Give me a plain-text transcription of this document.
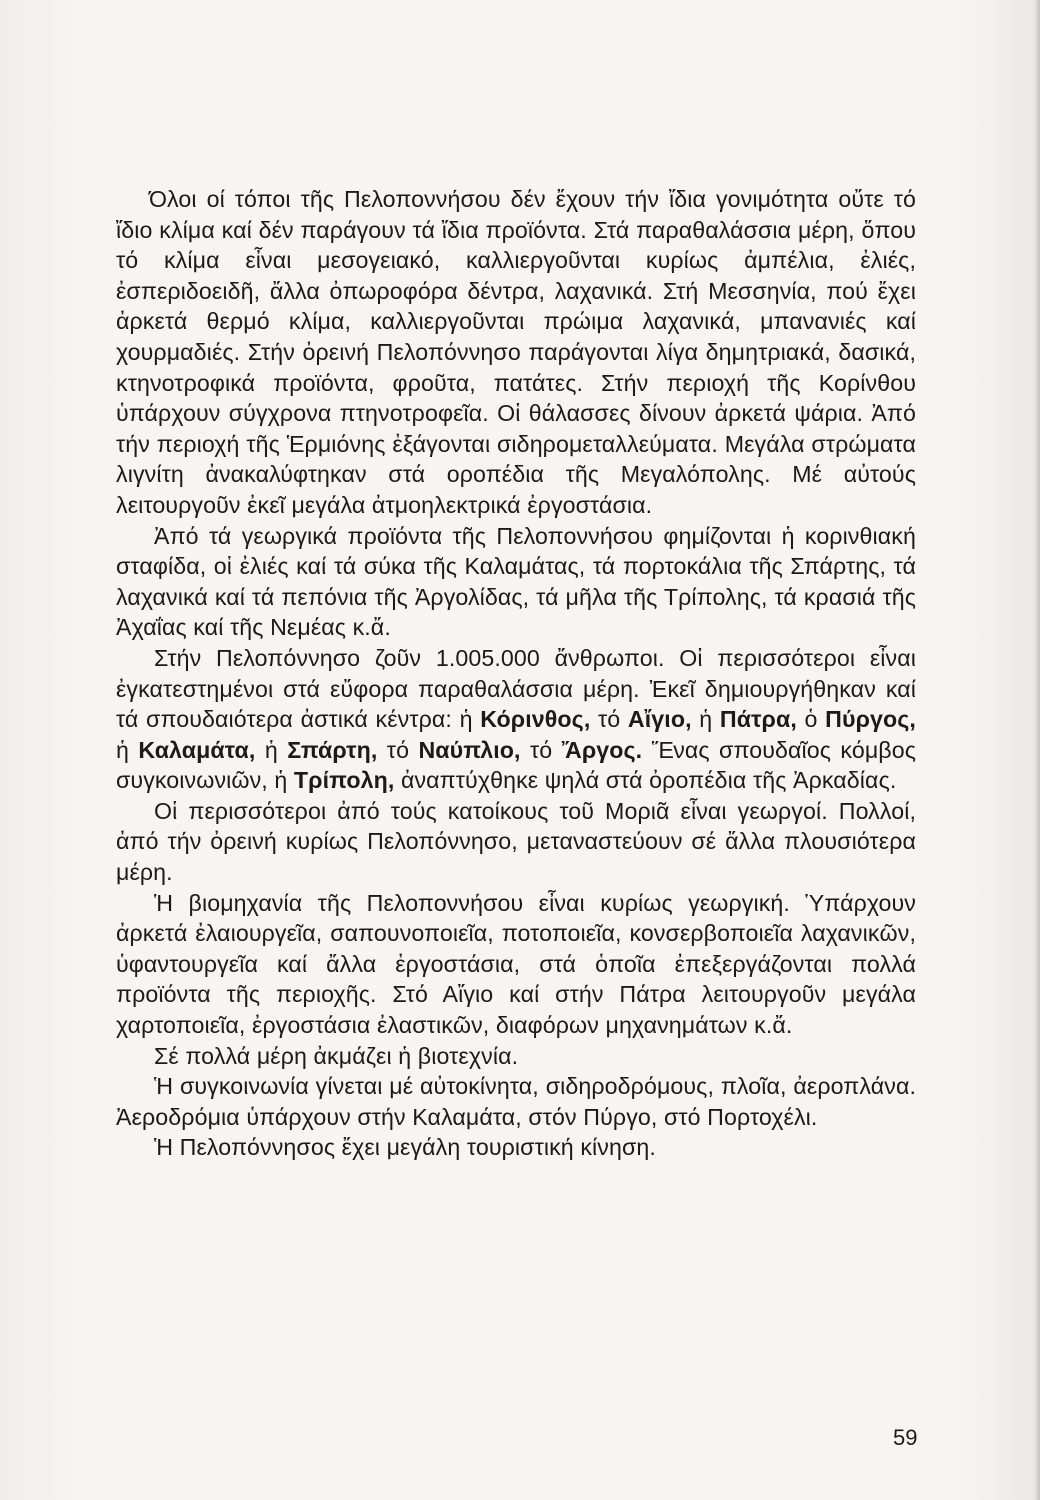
Όλοι οί τόποι τῆς Πελοποννήσου δέν ἔχουν τήν ἴδια γονιμότητα οὔτε τό ἴδιο κλίμα καί δέν παράγουν τά ἴδια προϊόντα. Στά παραθαλάσσια μέρη, ὅπου τό κλίμα εἶναι μεσογειακό, καλλιεργοῦνται κυρίως ἀμπέλια, ἐλιές, ἐσπεριδοειδῆ, ἄλλα ὀπωροφόρα δέντρα, λαχανικά. Στή Μεσσηνία, πού ἔχει ἀρκετά θερμό κλίμα, καλλιεργοῦνται πρώιμα λαχανικά, μπανανιές καί χουρμαδιές. Στήν ὀρεινή Πελοπόννησο παράγονται λίγα δημητριακά, δασικά, κτηνοτροφικά προϊόντα, φροῦτα, πατάτες. Στήν περιοχή τῆς Κορίνθου ὑπάρχουν σύγχρονα πτηνοτροφεῖα. Οἱ θάλασσες δίνουν ἀρκετά ψάρια. Ἀπό τήν περιοχή τῆς Ἑρμιόνης ἐξάγονται σιδηρομεταλλεύματα. Μεγάλα στρώματα λιγνίτη ἀνακαλύφτηκαν στά οροπέδια τῆς Μεγαλόπολης. Μέ αὐτούς λειτουργοῦν ἐκεῖ μεγάλα ἀτμοηλεκτρικά ἐργοστάσια.

Ἀπό τά γεωργικά προϊόντα τῆς Πελοποννήσου φημίζονται ἡ κορινθιακή σταφίδα, οἱ ἐλιές καί τά σύκα τῆς Καλαμάτας, τά πορτοκάλια τῆς Σπάρτης, τά λαχανικά καί τά πεπόνια τῆς Ἀργολίδας, τά μῆλα τῆς Τρίπολης, τά κρασιά τῆς Ἀχαΐας καί τῆς Νεμέας κ.ἄ.

Στήν Πελοπόννησο ζοῦν 1.005.000 ἄνθρωποι. Οἱ περισσότεροι εἶναι ἐγκατεστημένοι στά εὔφορα παραθαλάσσια μέρη. Ἐκεῖ δημιουργήθηκαν καί τά σπουδαιότερα ἀστικά κέντρα: ἡ Κόρινθος, τό Αἴγιο, ἡ Πάτρα, ὁ Πύργος, ἡ Καλαμάτα, ἡ Σπάρτη, τό Ναύπλιο, τό Ἄργος. Ἕνας σπουδαῖος κόμβος συγκοινωνιῶν, ἡ Τρίπολη, ἀναπτύχθηκε ψηλά στά ὀροπέδια τῆς Ἀρκαδίας.

Οἱ περισσότεροι ἀπό τούς κατοίκους τοῦ Μοριᾶ εἶναι γεωργοί. Πολλοί, ἀπό τήν ὀρεινή κυρίως Πελοπόννησο, μεταναστεύουν σέ ἄλλα πλουσιότερα μέρη.

Ἡ βιομηχανία τῆς Πελοποννήσου εἶναι κυρίως γεωργική. Ὑπάρχουν ἀρκετά ἐλαιουργεῖα, σαπουνοποιεῖα, ποτοποιεῖα, κονσερβοποιεῖα λαχανικῶν, ὑφαντουργεῖα καί ἄλλα ἐργοστάσια, στά ὁποῖα ἐπεξεργάζονται πολλά προϊόντα τῆς περιοχῆς. Στό Αἴγιο καί στήν Πάτρα λειτουργοῦν μεγάλα χαρτοποιεῖα, ἐργοστάσια ἐλαστικῶν, διαφόρων μηχανημάτων κ.ἄ.

Σέ πολλά μέρη ἀκμάζει ἡ βιοτεχνία.

Ἡ συγκοινωνία γίνεται μέ αὐτοκίνητα, σιδηροδρόμους, πλοῖα, ἀεροπλάνα. Ἀεροδρόμια ὑπάρχουν στήν Καλαμάτα, στόν Πύργο, στό Πορτοχέλι.

Ἡ Πελοπόννησος ἔχει μεγάλη τουριστική κίνηση.

59
